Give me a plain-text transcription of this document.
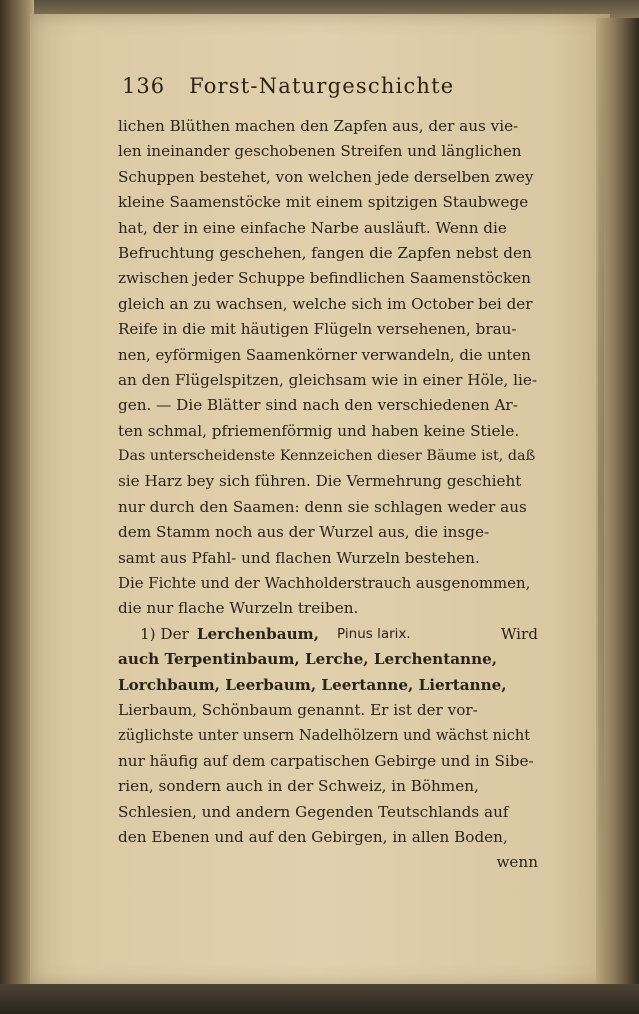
136 Forst-Naturgeschichte
lichen Blüthen machen den Zapfen aus, der aus vie-
len ineinander geschobenen Streifen und länglichen
Schuppen bestehet, von welchen jede derselben zwey
kleine Saamenstöcke mit einem spitzigen Staubwege
hat, der in eine einfache Narbe ausläuft. Wenn die
Befruchtung geschehen, fangen die Zapfen nebst den
zwischen jeder Schuppe befindlichen Saamenstöcken
gleich an zu wachsen, welche sich im October bei der
Reife in die mit häutigen Flügeln versehenen, brau-
nen, eyförmigen Saamenkörner verwandeln, die unten
an den Flügelspitzen, gleichsam wie in einer Höle, lie-
gen. — Die Blätter sind nach den verschiedenen Ar-
ten schmal, pfriemenförmig und haben keine Stiele.
Das unterscheidenste Kennzeichen dieser Bäume ist, daß
sie Harz bey sich führen. Die Vermehrung geschieht
nur durch den Saamen: denn sie schlagen weder aus
dem Stamm noch aus der Wurzel aus, die insge-
samt aus Pfahl- und flachen Wurzeln bestehen.
Die Fichte und der Wachholderstrauch ausgenommen,
die nur flache Wurzeln treiben.
1) Der Lerchenbaum, Pinus larix.	Wird
auch Terpentinbaum, Lerche, Lerchentanne,
Lorchbaum, Leerbaum, Leertanne, Liertanne,
Lierbaum, Schönbaum genannt. Er ist der vor-
züglichste unter unsern Nadelhölzern und wächst nicht
nur häufig auf dem carpatischen Gebirge und in Sibe-
rien, sondern auch in der Schweiz, in Böhmen,
Schlesien, und andern Gegenden Teutschlands auf
den Ebenen und auf den Gebirgen, in allen Boden,
wenn
